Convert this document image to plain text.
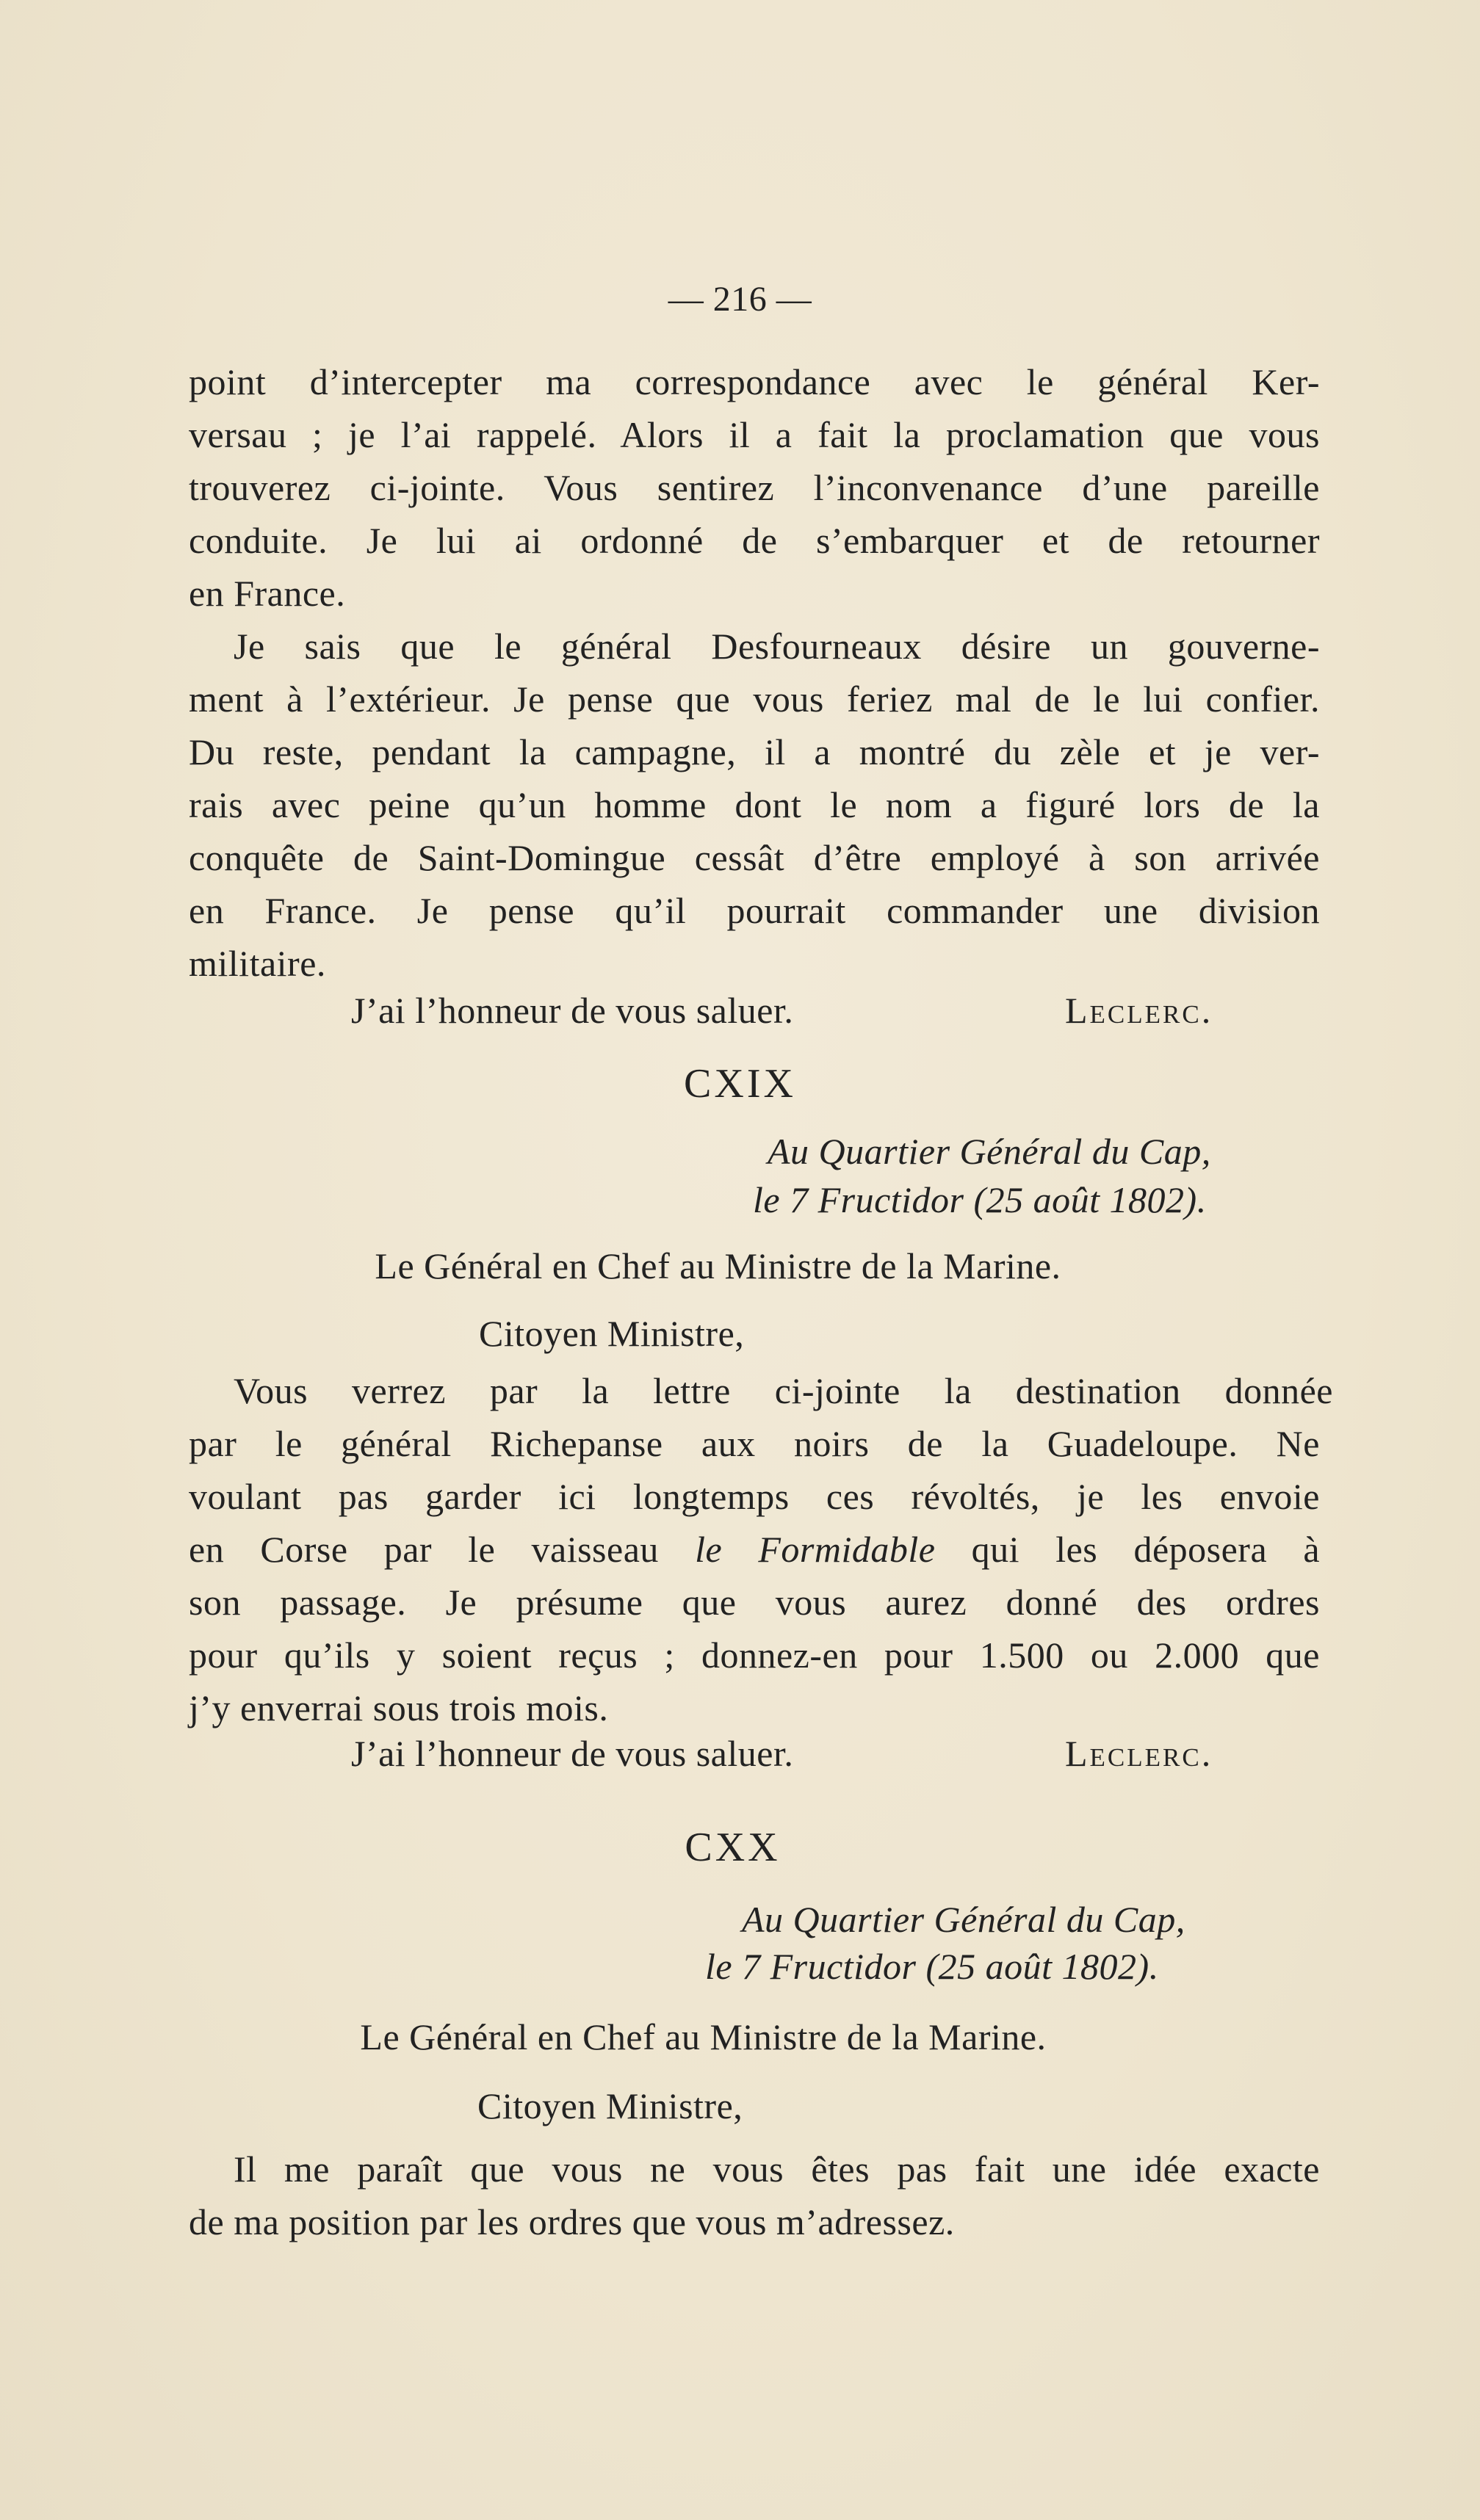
— 216 —
point d’intercepter ma correspondance avec le général Ker-
versau ; je l’ai rappelé. Alors il a fait la proclamation que vous
trouverez ci-jointe. Vous sentirez l’inconvenance d’une pareille
conduite. Je lui ai ordonné de s’embarquer et de retourner
en France.
Je sais que le général Desfourneaux désire un gouverne-
ment à l’extérieur. Je pense que vous feriez mal de le lui confier.
Du reste, pendant la campagne, il a montré du zèle et je ver-
rais avec peine qu’un homme dont le nom a figuré lors de la
conquête de Saint-Domingue cessât d’être employé à son arrivée
en France. Je pense qu’il pourrait commander une division
militaire.
J’ai l’honneur de vous saluer.	Leclerc.
CXIX
Au Quartier Général du Cap,
le 7 Fructidor (25 août 1802).
Le Général en Chef au Ministre de la Marine.
Citoyen Ministre,
Vous verrez par la lettre ci-jointe la destination donnée
par le général Richepanse aux noirs de la Guadeloupe. Ne
voulant pas garder ici longtemps ces révoltés, je les envoie
en Corse par le vaisseau le Formidable qui les déposera à
son passage. Je présume que vous aurez donné des ordres
pour qu’ils y soient reçus ; donnez-en pour 1.500 ou 2.000 que
j’y enverrai sous trois mois.
J’ai l’honneur de vous saluer.	Leclerc.
CXX
Au Quartier Général du Cap,
le 7 Fructidor (25 août 1802).
Le Général en Chef au Ministre de la Marine.
Citoyen Ministre,
Il me paraît que vous ne vous êtes pas fait une idée exacte
de ma position par les ordres que vous m’adressez.
